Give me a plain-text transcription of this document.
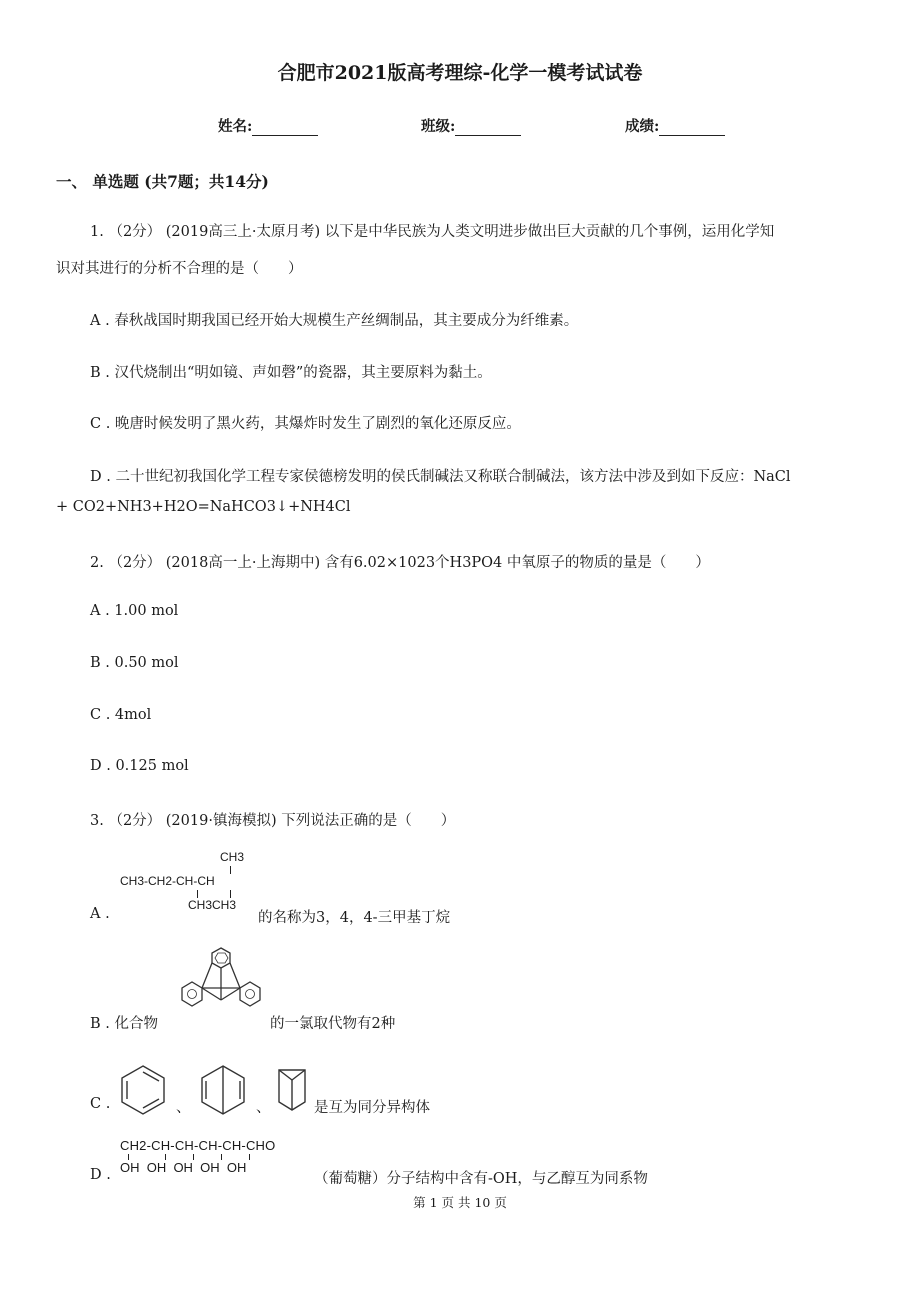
合肥市2021版高考理综-化学一模考试试卷
姓名:	班级:	成绩:
一、 单选题 (共7题；共14分)
1. （2分） (2019高三上·太原月考) 以下是中华民族为人类文明进步做出巨大贡献的几个事例，运用化学知
识对其进行的分析不合理的是（　　）
A . 春秋战国时期我国已经开始大规模生产丝绸制品，其主要成分为纤维素。
B . 汉代烧制出“明如镜、声如磬”的瓷器，其主要原料为黏土。
C . 晚唐时候发明了黑火药，其爆炸时发生了剧烈的氧化还原反应。
D . 二十世纪初我国化学工程专家侯德榜发明的侯氏制碱法又称联合制碱法，该方法中涉及到如下反应：NaCl
+ CO2+NH3+H2O=NaHCO3↓+NH4Cl
2. （2分） (2018高一上·上海期中) 含有6.02×1023个H3PO4 中氧原子的物质的量是（　　）
A . 1.00 mol
B . 0.50 mol
C . 4mol
D . 0.125 mol
3. （2分） (2019·镇海模拟) 下列说法正确的是（　　）
A .
CH3
CH3-CH2-CH-CH
CH3CH3
的名称为3，4，4-三甲基丁烷
B . 化合物	的一氯取代物有2种
C .	、	、	是互为同分异构体
D .
CH2-CH-CH-CH-CH-CHO
OH  OH  OH  OH  OH
（葡萄糖）分子结构中含有-OH，与乙醇互为同系物
第 1 页 共 10 页
